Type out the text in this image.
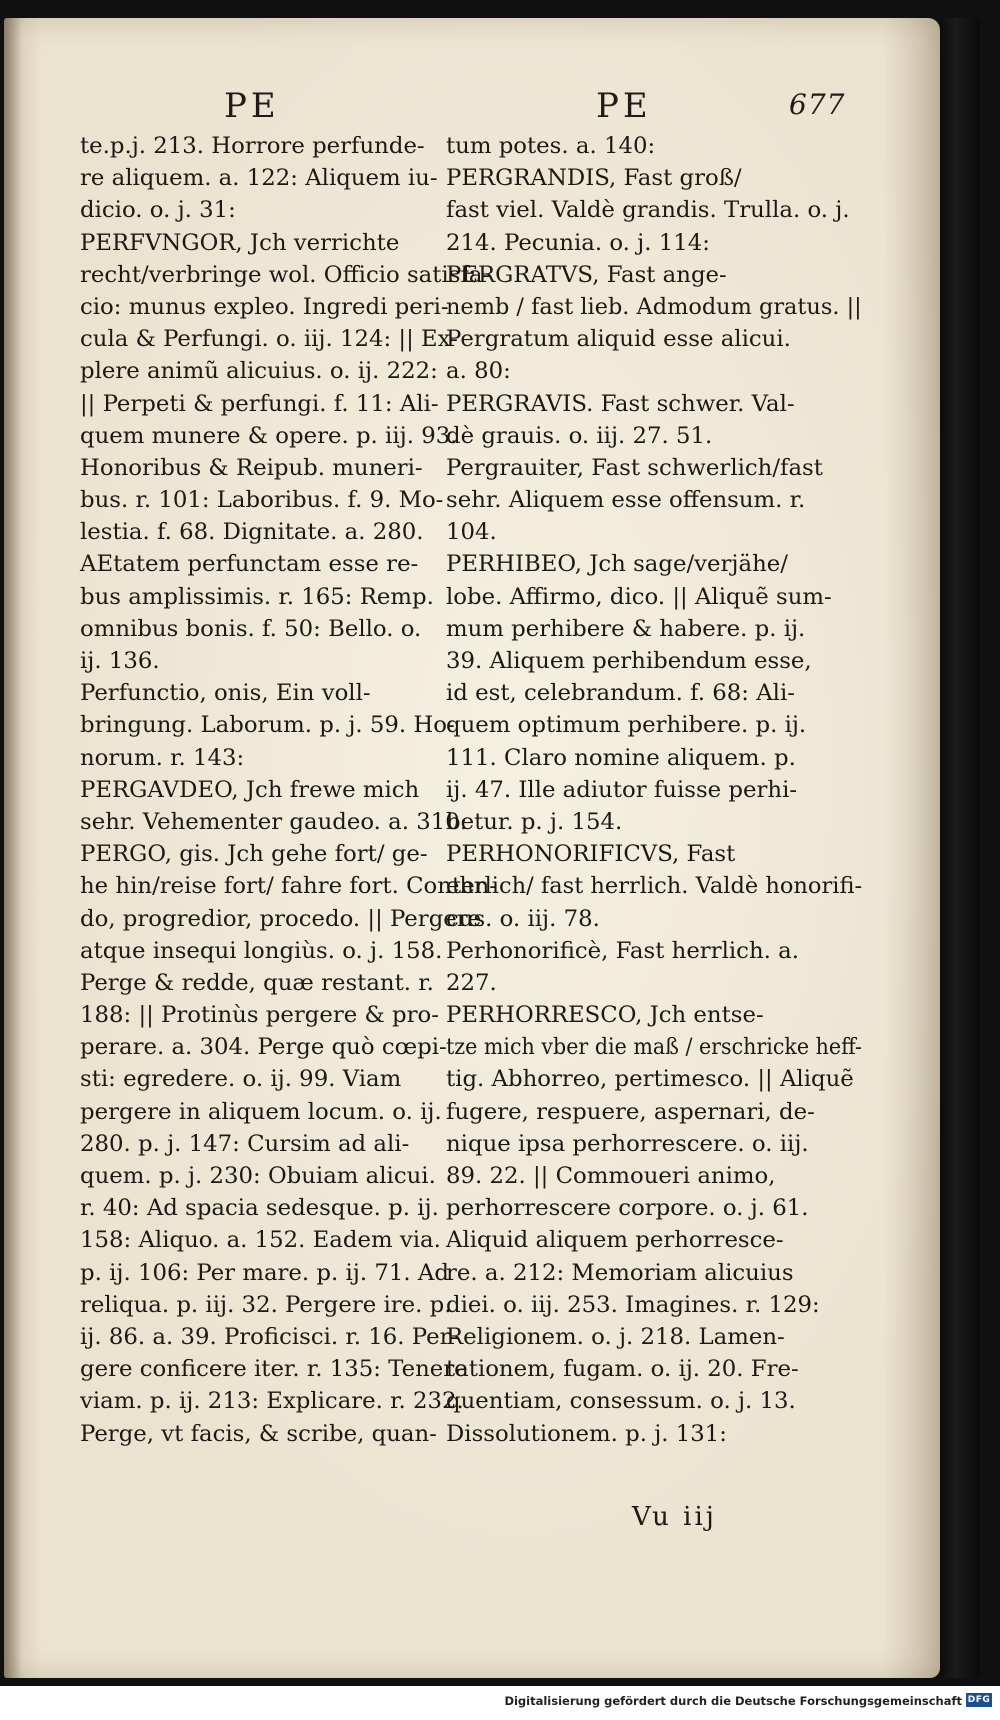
PE	PE	677
te.p.j. 213. Horrore perfunde-
re aliquem. a. 122: Aliquem iu-
dicio. o. j. 31:
PERFVNGOR, Jch verrichte
recht/verbringe wol. Officio satisfa-
cio: munus expleo. Ingredi peri-
cula & Perfungi. o. iij. 124: || Ex-
plere animũ alicuius. o. ij. 222:
|| Perpeti & perfungi. f. 11: Ali-
quem munere & opere. p. iij. 93.
Honoribus & Reipub. muneri-
bus. r. 101: Laboribus. f. 9. Mo-
lestia. f. 68. Dignitate. a. 280.
AEtatem perfunctam esse re-
bus amplissimis. r. 165: Remp.
omnibus bonis. f. 50: Bello. o.
ij. 136.
Perfunctio, onis, Ein voll-
bringung. Laborum. p. j. 59. Ho-
norum. r. 143:
PERGAVDEO, Jch frewe mich
sehr. Vehementer gaudeo. a. 310:
PERGO, gis. Jch gehe fort/ ge-
he hin/reise fort/ fahre fort. Conten-
do, progredior, procedo. || Pergere
atque insequi longiùs. o. j. 158.
Perge & redde, quæ restant. r.
188: || Protinùs pergere & pro-
perare. a. 304. Perge quò cœpi-
sti: egredere. o. ij. 99. Viam
pergere in aliquem locum. o. ij.
280. p. j. 147: Cursim ad ali-
quem. p. j. 230: Obuiam alicui.
r. 40: Ad spacia sedesque. p. ij.
158: Aliquo. a. 152. Eadem via.
p. ij. 106: Per mare. p. ij. 71. Ad
reliqua. p. iij. 32. Pergere ire. p.
ij. 86. a. 39. Proficisci. r. 16. Per-
gere conficere iter. r. 135: Tenere
viam. p. ij. 213: Explicare. r. 232.
Perge, vt facis, & scribe, quan-
tum potes. a. 140:
PERGRANDIS, Fast groß/
fast viel. Valdè grandis. Trulla. o. j.
214. Pecunia. o. j. 114:
PERGRATVS, Fast ange-
nemb / fast lieb. Admodum gratus. ||
Pergratum aliquid esse alicui.
a. 80:
PERGRAVIS. Fast schwer. Val-
dè grauis. o. iij. 27. 51.
Pergrauiter, Fast schwerlich/fast
sehr. Aliquem esse offensum. r.
104.
PERHIBEO, Jch sage/verjähe/
lobe. Affirmo, dico. || Aliquẽ sum-
mum perhibere & habere. p. ij.
39. Aliquem perhibendum esse,
id est, celebrandum. f. 68: Ali-
quem optimum perhibere. p. ij.
111. Claro nomine aliquem. p.
ij. 47. Ille adiutor fuisse perhi-
betur. p. j. 154.
PERHONORIFICVS, Fast
ehrlich/ fast herrlich. Valdè honorifi-
cus. o. iij. 78.
Perhonorificè, Fast herrlich. a.
227.
PERHORRESCO, Jch entse-
tze mich vber die maß / erschricke heff-
tig. Abhorreo, pertimesco. || Aliquẽ
fugere, respuere, aspernari, de-
nique ipsa perhorrescere. o. iij.
89. 22. || Commoueri animo,
perhorrescere corpore. o. j. 61.
Aliquid aliquem perhorresce-
re. a. 212: Memoriam alicuius
diei. o. iij. 253. Imagines. r. 129:
Religionem. o. j. 218. Lamen-
tationem, fugam. o. ij. 20. Fre-
quentiam, consessum. o. j. 13.
Dissolutionem. p. j. 131:
Vu iij
Digitalisierung gefördert durch die Deutsche Forschungsgemeinschaft DFG
